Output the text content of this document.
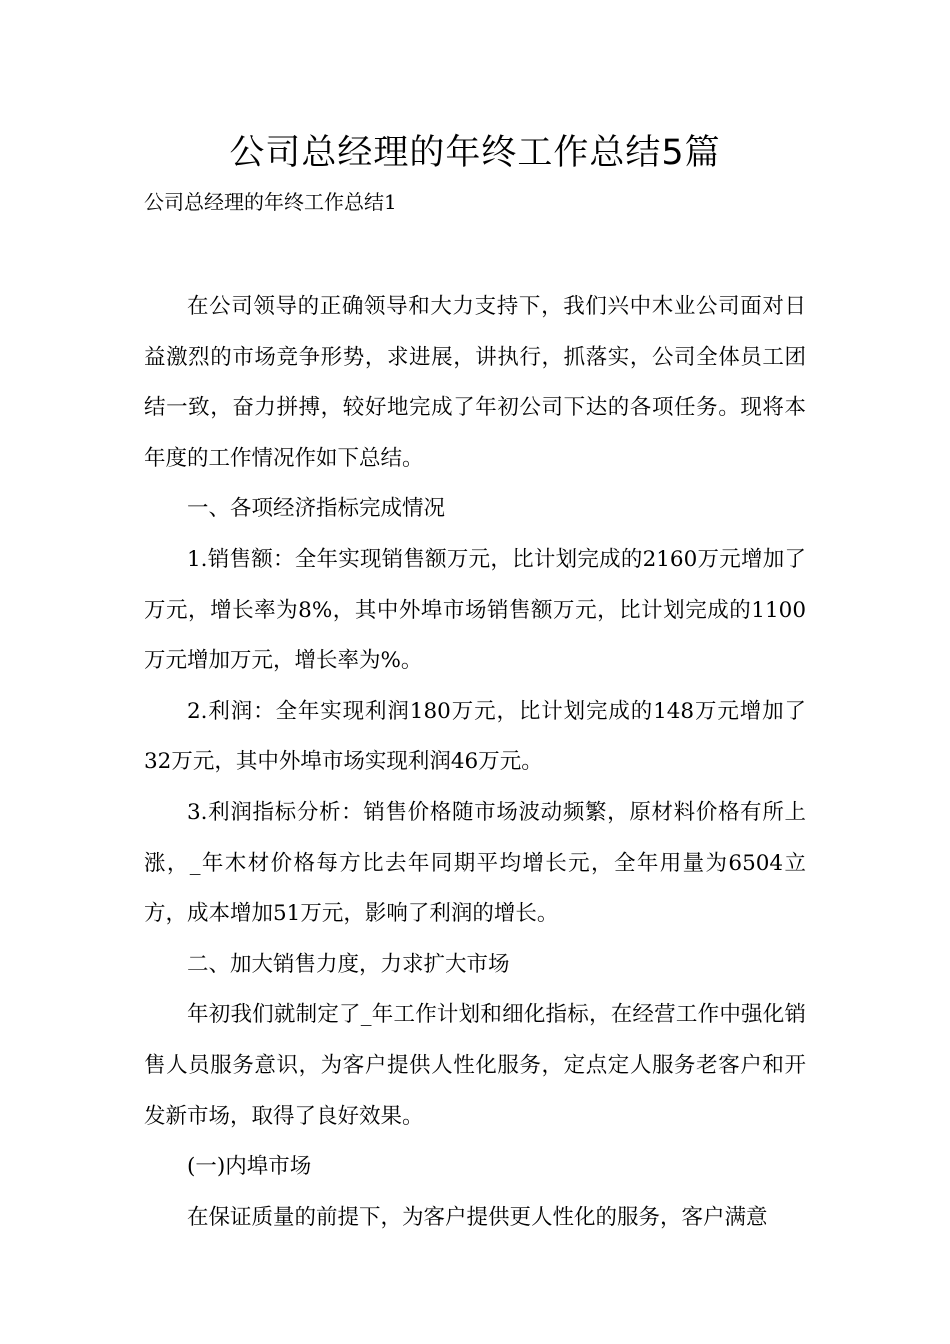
公司总经理的年终工作总结5篇
公司总经理的年终工作总结1

在公司领导的正确领导和大力支持下，我们兴中木业公司面对日益激烈的市场竞争形势，求进展，讲执行，抓落实，公司全体员工团结一致，奋力拼搏，较好地完成了年初公司下达的各项任务。现将本年度的工作情况作如下总结。

一、各项经济指标完成情况

1.销售额：全年实现销售额万元，比计划完成的2160万元增加了万元，增长率为8%，其中外埠市场销售额万元，比计划完成的1100万元增加万元，增长率为%。

2.利润：全年实现利润180万元，比计划完成的148万元增加了32万元，其中外埠市场实现利润46万元。

3.利润指标分析：销售价格随市场波动频繁，原材料价格有所上涨，_年木材价格每方比去年同期平均增长元，全年用量为6504立方，成本增加51万元，影响了利润的增长。

二、加大销售力度，力求扩大市场

年初我们就制定了_年工作计划和细化指标，在经营工作中强化销售人员服务意识，为客户提供人性化服务，定点定人服务老客户和开发新市场，取得了良好效果。

(一)内埠市场

在保证质量的前提下，为客户提供更人性化的服务，客户满意
